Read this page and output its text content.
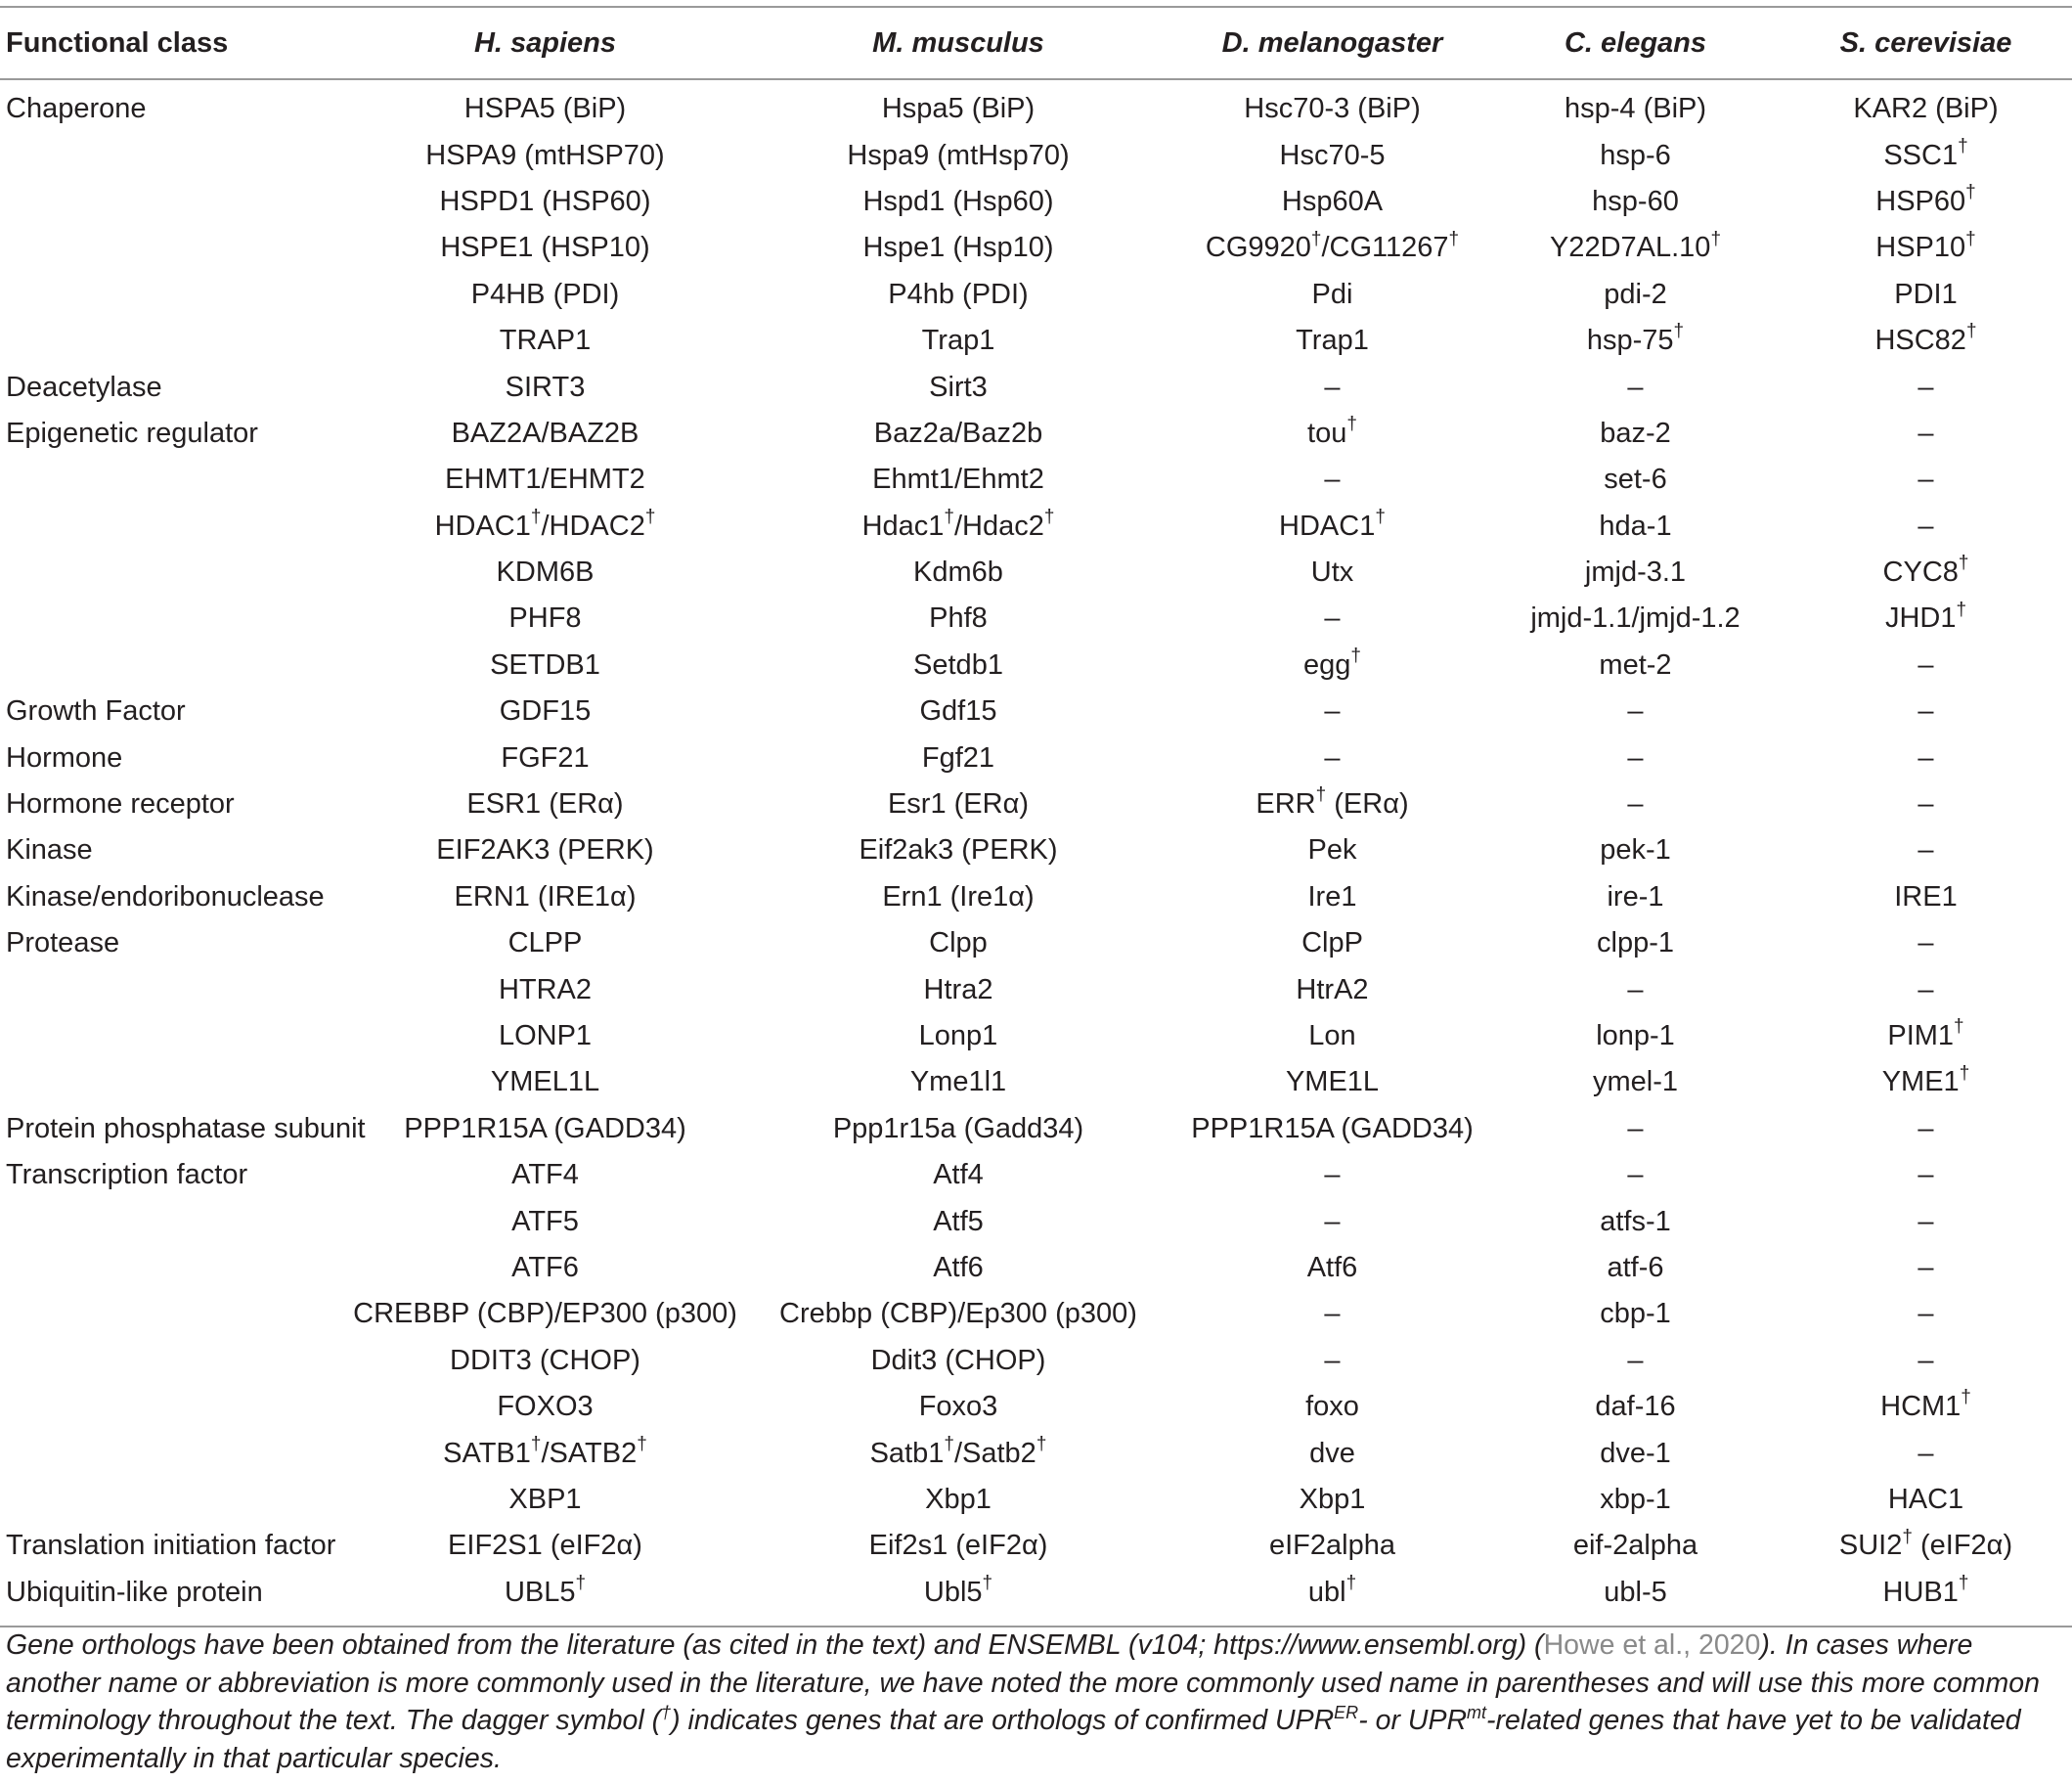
Functional class	H. sapiens	M. musculus	D. melanogaster	C. elegans	S. cerevisiae
Chaperone	HSPA5 (BiP)	Hspa5 (BiP)	Hsc70-3 (BiP)	hsp-4 (BiP)	KAR2 (BiP)
	HSPA9 (mtHSP70)	Hspa9 (mtHsp70)	Hsc70-5	hsp-6	SSC1†
	HSPD1 (HSP60)	Hspd1 (Hsp60)	Hsp60A	hsp-60	HSP60†
	HSPE1 (HSP10)	Hspe1 (Hsp10)	CG9920†/CG11267†	Y22D7AL.10†	HSP10†
	P4HB (PDI)	P4hb (PDI)	Pdi	pdi-2	PDI1
	TRAP1	Trap1	Trap1	hsp-75†	HSC82†
Deacetylase	SIRT3	Sirt3	–	–	–
Epigenetic regulator	BAZ2A/BAZ2B	Baz2a/Baz2b	tou†	baz-2	–
	EHMT1/EHMT2	Ehmt1/Ehmt2	–	set-6	–
	HDAC1†/HDAC2†	Hdac1†/Hdac2†	HDAC1†	hda-1	–
	KDM6B	Kdm6b	Utx	jmjd-3.1	CYC8†
	PHF8	Phf8	–	jmjd-1.1/jmjd-1.2	JHD1†
	SETDB1	Setdb1	egg†	met-2	–
Growth Factor	GDF15	Gdf15	–	–	–
Hormone	FGF21	Fgf21	–	–	–
Hormone receptor	ESR1 (ERα)	Esr1 (ERα)	ERR† (ERα)	–	–
Kinase	EIF2AK3 (PERK)	Eif2ak3 (PERK)	Pek	pek-1	–
Kinase/endoribonuclease	ERN1 (IRE1α)	Ern1 (Ire1α)	Ire1	ire-1	IRE1
Protease	CLPP	Clpp	ClpP	clpp-1	–
	HTRA2	Htra2	HtrA2	–	–
	LONP1	Lonp1	Lon	lonp-1	PIM1†
	YMEL1L	Yme1l1	YME1L	ymel-1	YME1†
Protein phosphatase subunit	PPP1R15A (GADD34)	Ppp1r15a (Gadd34)	PPP1R15A (GADD34)	–	–
Transcription factor	ATF4	Atf4	–	–	–
	ATF5	Atf5	–	atfs-1	–
	ATF6	Atf6	Atf6	atf-6	–
	CREBBP (CBP)/EP300 (p300)	Crebbp (CBP)/Ep300 (p300)	–	cbp-1	–
	DDIT3 (CHOP)	Ddit3 (CHOP)	–	–	–
	FOXO3	Foxo3	foxo	daf-16	HCM1†
	SATB1†/SATB2†	Satb1†/Satb2†	dve	dve-1	–
	XBP1	Xbp1	Xbp1	xbp-1	HAC1
Translation initiation factor	EIF2S1 (eIF2α)	Eif2s1 (eIF2α)	eIF2alpha	eif-2alpha	SUI2† (eIF2α)
Ubiquitin-like protein	UBL5†	Ubl5†	ubl†	ubl-5	HUB1†
Gene orthologs have been obtained from the literature (as cited in the text) and ENSEMBL (v104; https://www.ensembl.org) (Howe et al., 2020). In cases where another name or abbreviation is more commonly used in the literature, we have noted the more commonly used name in parentheses and will use this more common terminology throughout the text. The dagger symbol (†) indicates genes that are orthologs of confirmed $UPR^{ER}-$ or $UPR^{mt}$-related genes that have yet to be validated experimentally in that particular species.
